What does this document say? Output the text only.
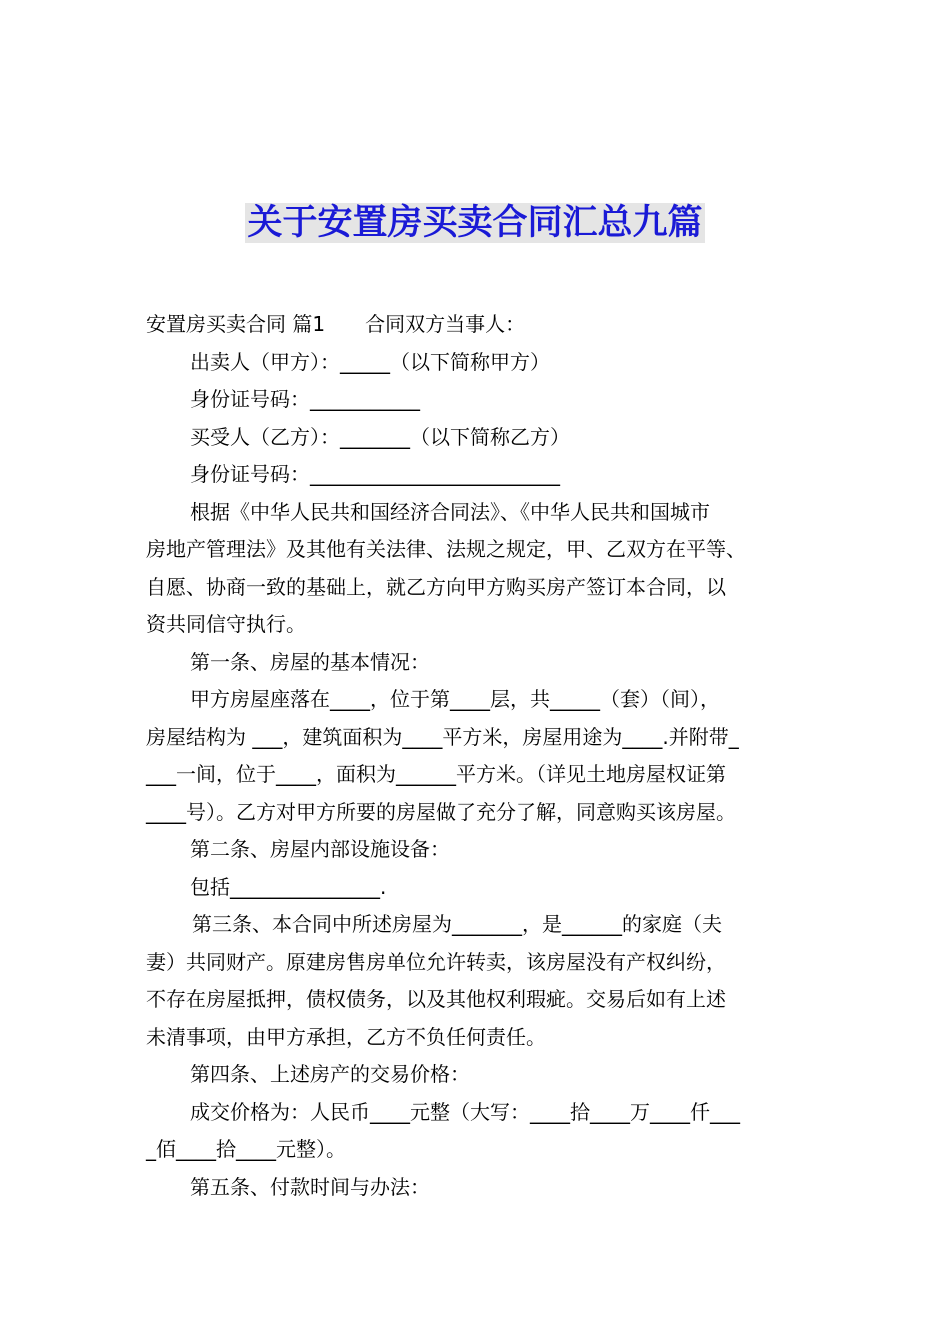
关于安置房买卖合同汇总九篇
安置房买卖合同 篇1　　合同双方当事人：
出卖人（甲方）：_____（以下简称甲方）
身份证号码：___________
买受人（乙方）：_______（以下简称乙方）
身份证号码：_________________________
根据《中华人民共和国经济合同法》、《中华人民共和国城市
房地产管理法》及其他有关法律、法规之规定，甲、乙双方在平等、
自愿、协商一致的基础上，就乙方向甲方购买房产签订本合同，以
资共同信守执行。
第一条、房屋的基本情况：
甲方房屋座落在____，位于第____层，共_____（套）（间），
房屋结构为 ___，建筑面积为____平方米，房屋用途为____.并附带_
___一间，位于____，面积为______平方米。（详见土地房屋权证第
____号）。乙方对甲方所要的房屋做了充分了解，同意购买该房屋。
第二条、房屋内部设施设备：
包括_______________.
第三条、本合同中所述房屋为_______，是______的家庭（夫
妻）共同财产。原建房售房单位允许转卖，该房屋没有产权纠纷，
不存在房屋抵押，债权债务，以及其他权利瑕疵。交易后如有上述
未清事项，由甲方承担，乙方不负任何责任。
第四条、上述房产的交易价格：
成交价格为：人民币____元整（大写：____拾____万____仟___
_佰____拾____元整）。
第五条、付款时间与办法：
